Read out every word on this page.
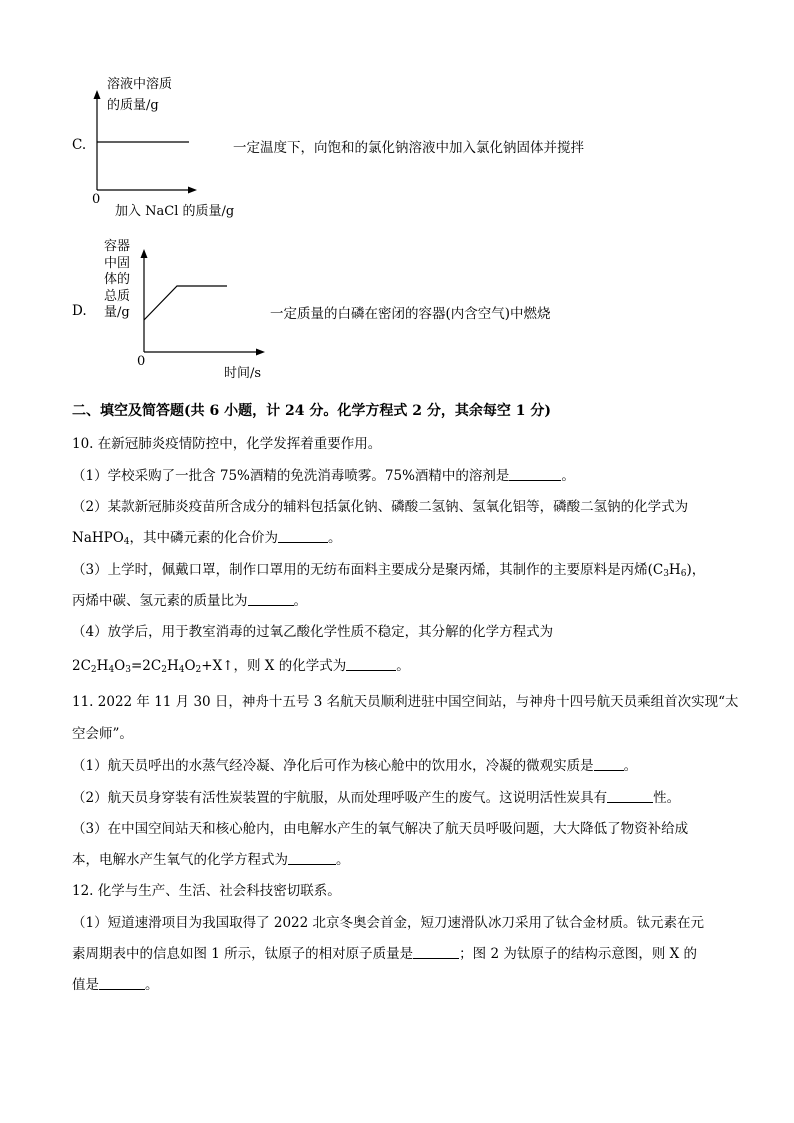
溶液中溶质
的质量/g
C.
0
加入 NaCl 的质量/g
一定温度下，向饱和的氯化钠溶液中加入氯化钠固体并搅拌
容器
中固
体的
总质
量/g
D.
0
时间/s
一定质量的白磷在密闭的容器(内含空气)中燃烧
二、填空及简答题(共 6 小题，计 24 分。化学方程式 2 分，其余每空 1 分)
10. 在新冠肺炎疫情防控中，化学发挥着重要作用。
（1）学校采购了一批含 75%酒精的免洗消毒喷雾。75%酒精中的溶剂是	。
（2）某款新冠肺炎疫苗所含成分的辅料包括氯化钠、磷酸二氢钠、氢氧化铝等，磷酸二氢钠的化学式为
NaHPO$_4$，其中磷元素的化合价为	。
（3）上学时，佩戴口罩，制作口罩用的无纺布面料主要成分是聚丙烯，其制作的主要原料是丙烯$(C_3H_6)$，
丙烯中碳、氢元素的质量比为	。
（4）放学后，用于教室消毒的过氧乙酸化学性质不稳定，其分解的化学方程式为
$2C_2H_4O_3=2C_2H_4O_2+X↑$，则 X 的化学式为	。
11. 2022 年 11 月 30 日，神舟十五号 3 名航天员顺利进驻中国空间站，与神舟十四号航天员乘组首次实现“太
空会师”。
（1）航天员呼出的水蒸气经冷凝、净化后可作为核心舱中的饮用水，冷凝的微观实质是 。
（2）航天员身穿装有活性炭装置的宇航服，从而处理呼吸产生的废气。这说明活性炭具有	性。
（3）在中国空间站天和核心舱内，由电解水产生的氧气解决了航天员呼吸问题，大大降低了物资补给成
本，电解水产生氧气的化学方程式为	。
12. 化学与生产、生活、社会科技密切联系。
（1）短道速滑项目为我国取得了 2022 北京冬奥会首金，短刀速滑队冰刀采用了钛合金材质。钛元素在元
素周期表中的信息如图 1 所示，钛原子的相对原子质量是	；图 2 为钛原子的结构示意图，则 X 的
值是	。
